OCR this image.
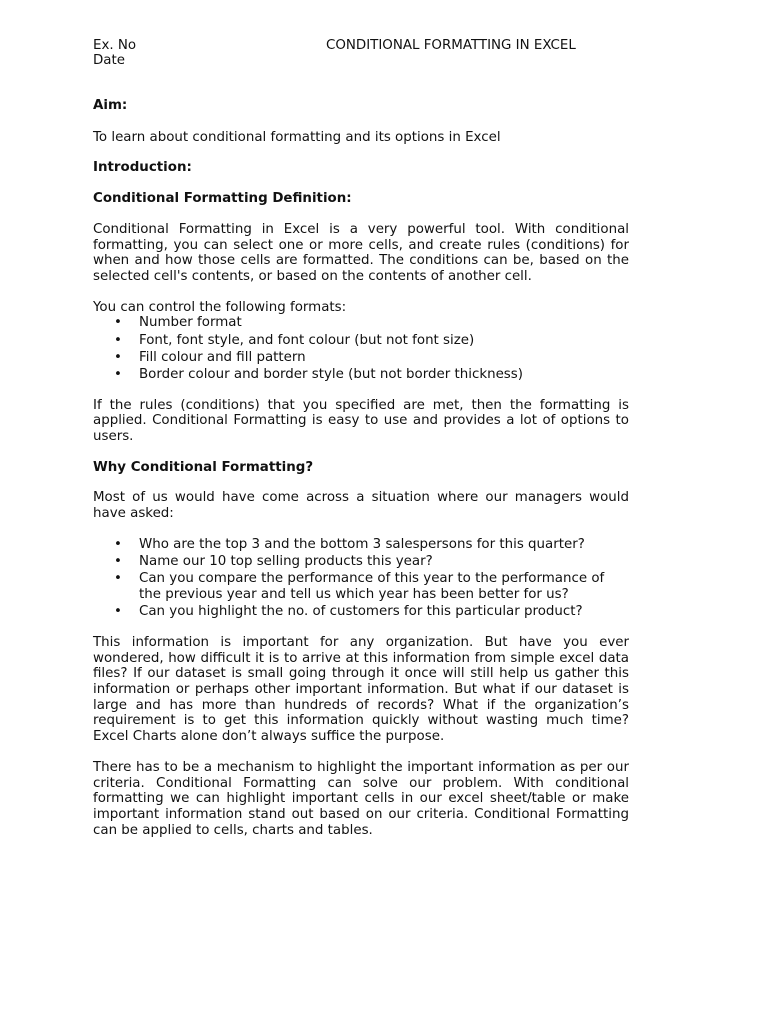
Ex. No
Date
CONDITIONAL FORMATTING IN EXCEL
Aim:

To learn about conditional formatting and its options in Excel

Introduction:
Conditional Formatting Definition:

Conditional Formatting in Excel is a very powerful tool. With conditional formatting, you can select one or more cells, and create rules (conditions) for when and how those cells are formatted. The conditions can be, based on the selected cell's contents, or based on the contents of another cell.

You can control the following formats:

• Number format
• Font, font style, and font colour (but not font size)
• Fill colour and fill pattern
• Border colour and border style (but not border thickness)

If the rules (conditions) that you specified are met, then the formatting is applied. Conditional Formatting is easy to use and provides a lot of options to users.

Why Conditional Formatting?

Most of us would have come across a situation where our managers would have asked:

• Who are the top 3 and the bottom 3 salespersons for this quarter?
• Name our 10 top selling products this year?
• Can you compare the performance of this year to the performance of the previous year and tell us which year has been better for us?
• Can you highlight the no. of customers for this particular product?

This information is important for any organization. But have you ever wondered, how difficult it is to arrive at this information from simple excel data files? If our dataset is small going through it once will still help us gather this information or perhaps other important information. But what if our dataset is large and has more than hundreds of records? What if the organization’s requirement is to get this information quickly without wasting much time? Excel Charts alone don’t always suffice the purpose.

There has to be a mechanism to highlight the important information as per our criteria. Conditional Formatting can solve our problem. With conditional formatting we can highlight important cells in our excel sheet/table or make important information stand out based on our criteria. Conditional Formatting can be applied to cells, charts and tables.
